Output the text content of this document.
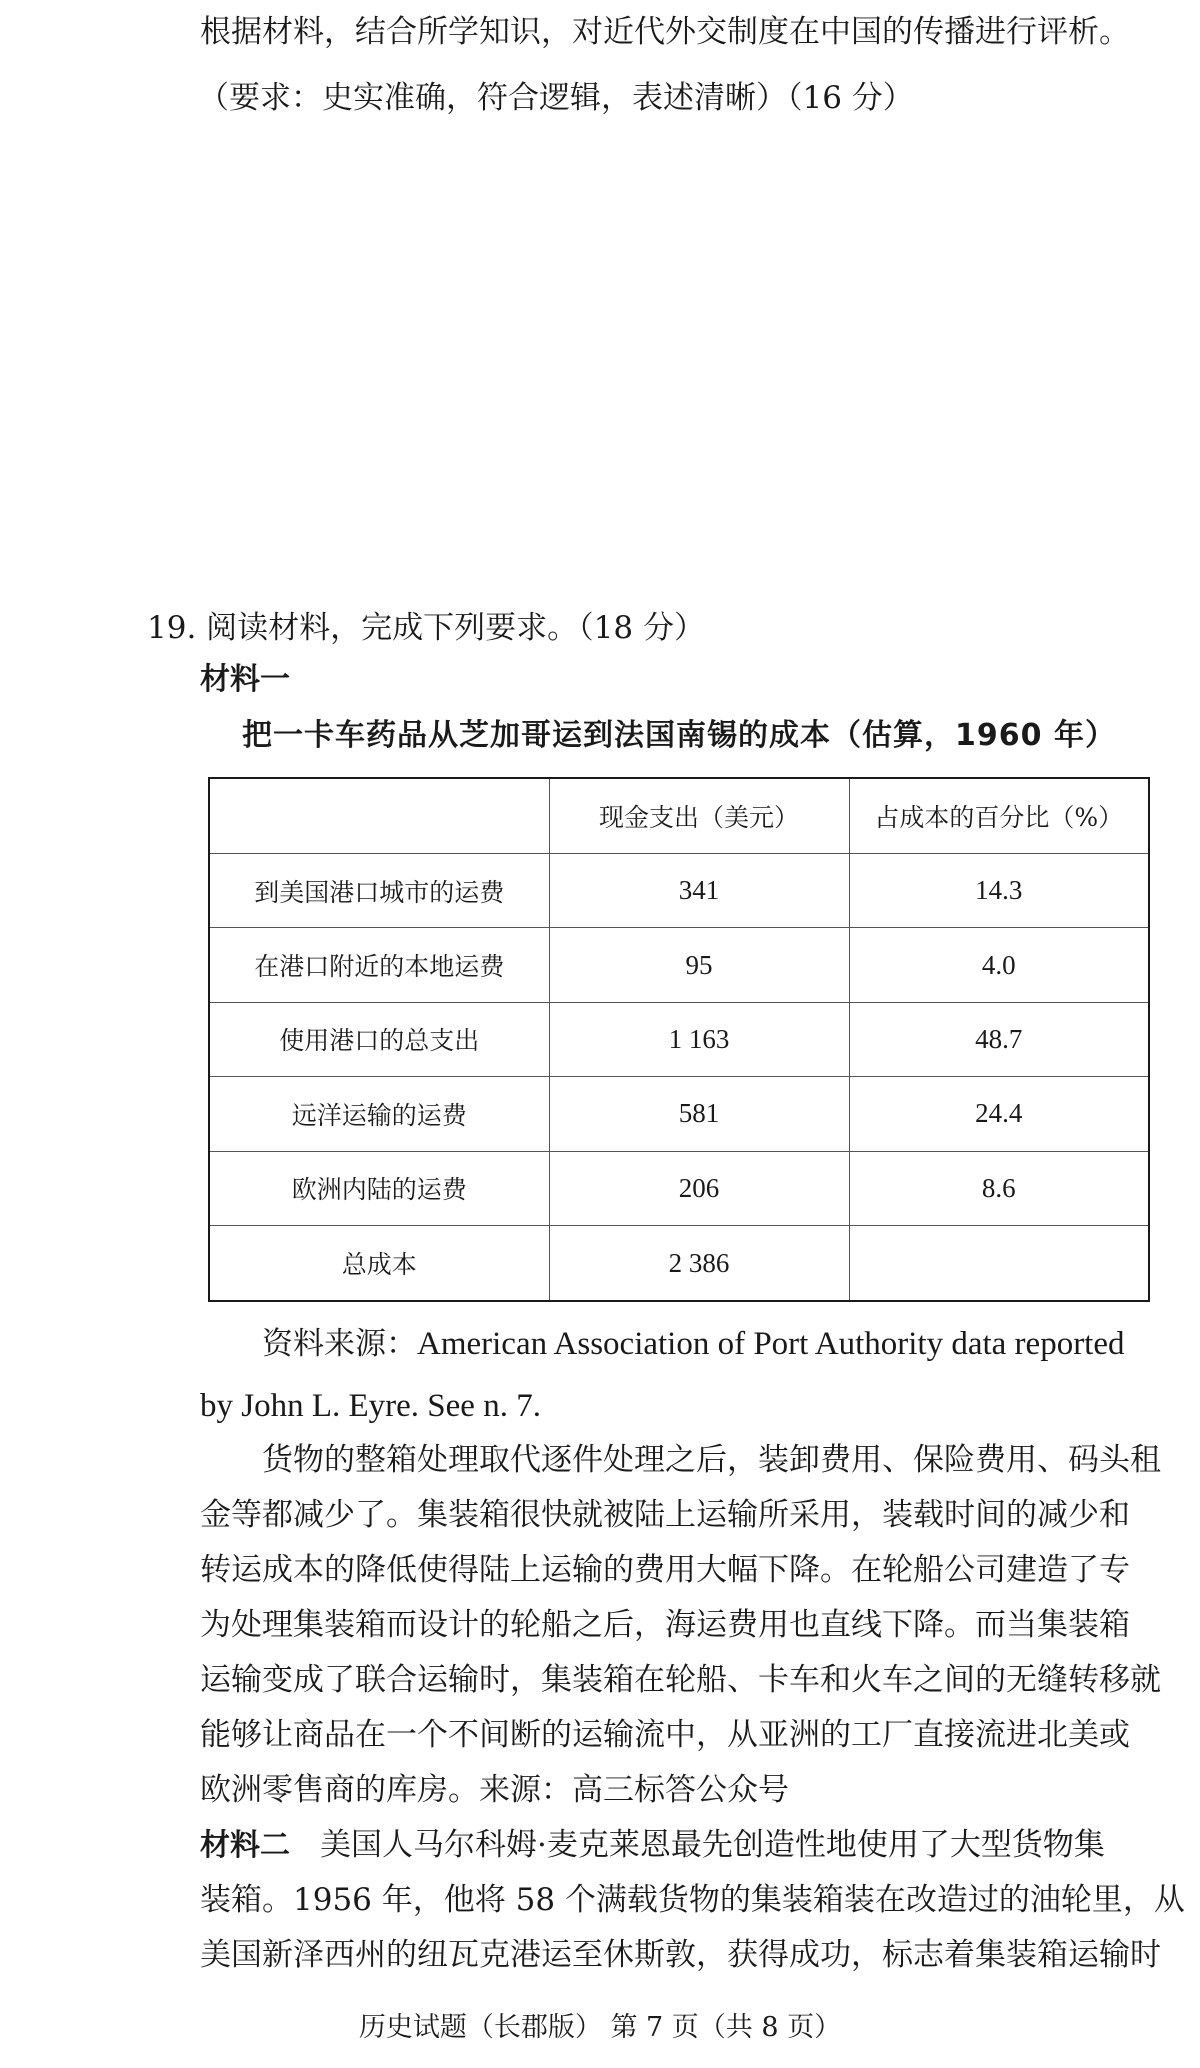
根据材料，结合所学知识，对近代外交制度在中国的传播进行评析。
（要求：史实准确，符合逻辑，表述清晰）（16 分）
19. 阅读材料，完成下列要求。（18 分）
材料一
把一卡车药品从芝加哥运到法国南锡的成本（估算，1960 年）
	现金支出（美元）	占成本的百分比（%）
到美国港口城市的运费	341	14.3
在港口附近的本地运费	95	4.0
使用港口的总支出	1 163	48.7
远洋运输的运费	581	24.4
欧洲内陆的运费	206	8.6
总成本	2 386	
资料来源：American Association of Port Authority data reported
by John L. Eyre. See n. 7.
货物的整箱处理取代逐件处理之后，装卸费用、保险费用、码头租
金等都减少了。集装箱很快就被陆上运输所采用，装载时间的减少和
转运成本的降低使得陆上运输的费用大幅下降。在轮船公司建造了专
为处理集装箱而设计的轮船之后，海运费用也直线下降。而当集装箱
运输变成了联合运输时，集装箱在轮船、卡车和火车之间的无缝转移就
能够让商品在一个不间断的运输流中，从亚洲的工厂直接流进北美或
欧洲零售商的库房。来源：高三标答公众号
材料二 美国人马尔科姆·麦克莱恩最先创造性地使用了大型货物集
装箱。1956 年，他将 58 个满载货物的集装箱装在改造过的油轮里，从
美国新泽西州的纽瓦克港运至休斯敦，获得成功，标志着集装箱运输时
历史试题（长郡版） 第 7 页（共 8 页）
